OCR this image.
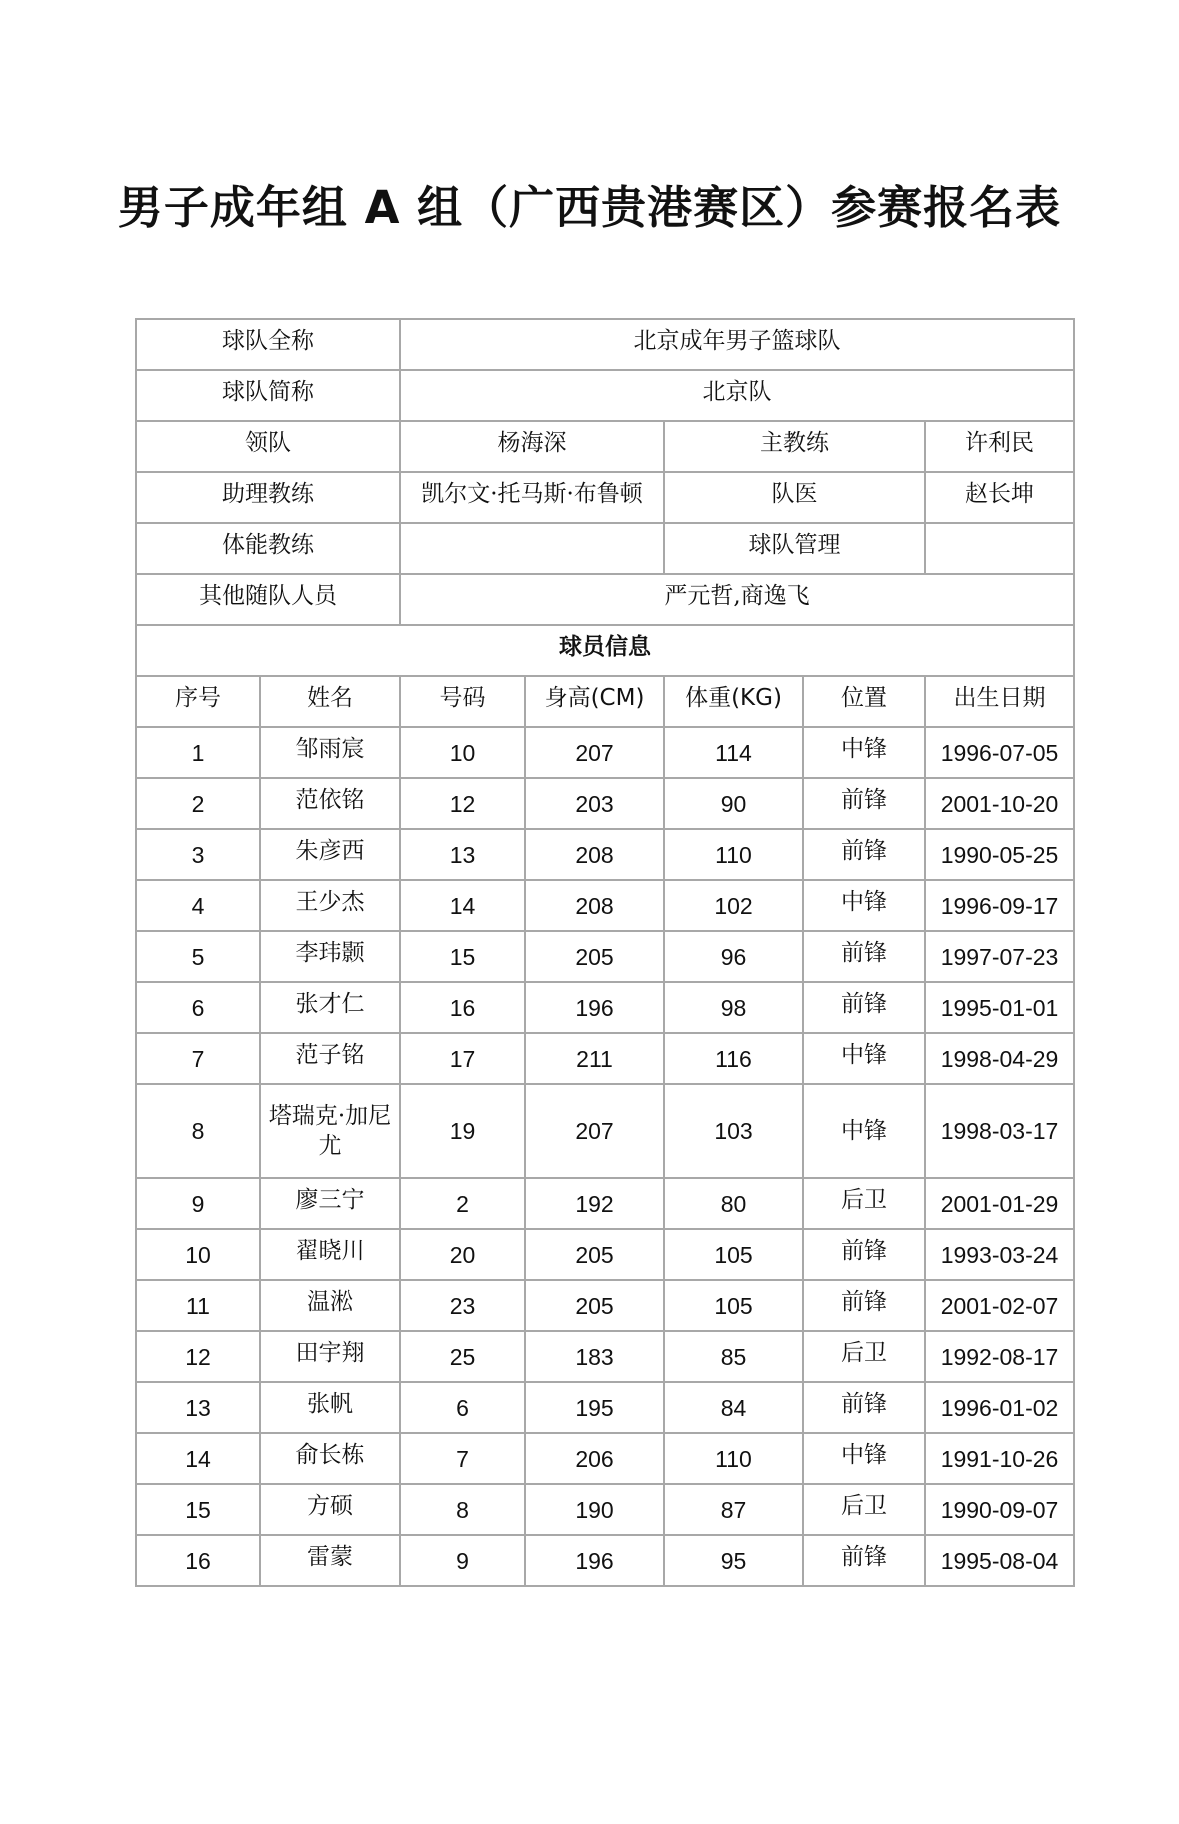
男子成年组 A 组（广西贵港赛区）参赛报名表
球队全称		北京成年男子篮球队				
球队简称		北京队				
领队		杨海深		主教练		许利民
助理教练		凯尔文·托马斯·布鲁顿		队医		赵长坤
体能教练				球队管理		
其他随队人员		严元哲,商逸飞				
球员信息						
序号	姓名	号码	身高(CM)	体重(KG)	位置	出生日期
1	邹雨宸	10	207	114	中锋	1996-07-05
2	范依铭	12	203	90	前锋	2001-10-20
3	朱彦西	13	208	110	前锋	1990-05-25
4	王少杰	14	208	102	中锋	1996-09-17
5	李玮颢	15	205	96	前锋	1997-07-23
6	张才仁	16	196	98	前锋	1995-01-01
7	范子铭	17	211	116	中锋	1998-04-29
8	塔瑞克·加尼尤	19	207	103	中锋	1998-03-17
9	廖三宁	2	192	80	后卫	2001-01-29
10	翟晓川	20	205	105	前锋	1993-03-24
11	温淞	23	205	105	前锋	2001-02-07
12	田宇翔	25	183	85	后卫	1992-08-17
13	张帆	6	195	84	前锋	1996-01-02
14	俞长栋	7	206	110	中锋	1991-10-26
15	方硕	8	190	87	后卫	1990-09-07
16	雷蒙	9	196	95	前锋	1995-08-04
